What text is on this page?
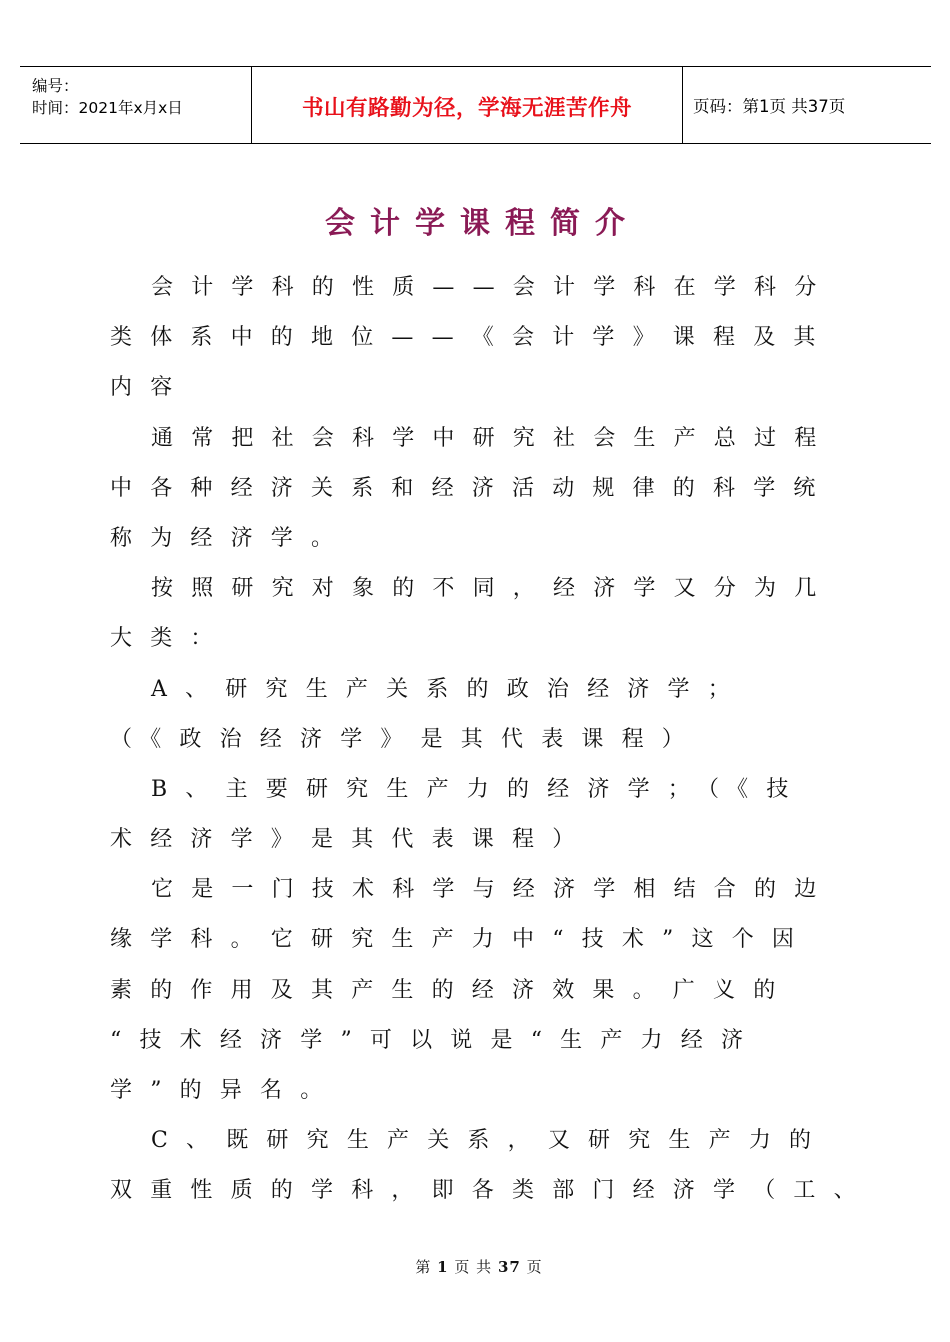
编号：
时间：2021年x月x日	书山有路勤为径，学海无涯苦作舟	页码：第1页 共37页
会计学课程简介
会计学科的性质——会计学科在学科分
类体系中的地位——《会计学》课程及其
内容
通常把社会科学中研究社会生产总过程
中各种经济关系和经济活动规律的科学统
称为经济学。
按照研究对象的不同，经济学又分为几
大类：
A、研究生产关系的政治经济学；
（《政治经济学》是其代表课程）
B、主要研究生产力的经济学；（《技
术经济学》是其代表课程）
它是一门技术科学与经济学相结合的边
缘学科。它研究生产力中“技术”这个因
素的作用及其产生的经济效果。广义的
“技术经济学”可以说是“生产力经济
学”的异名。
C、既研究生产关系，又研究生产力的
双重性质的学科，即各类部门经济学（工、
第 1 页 共 37 页
